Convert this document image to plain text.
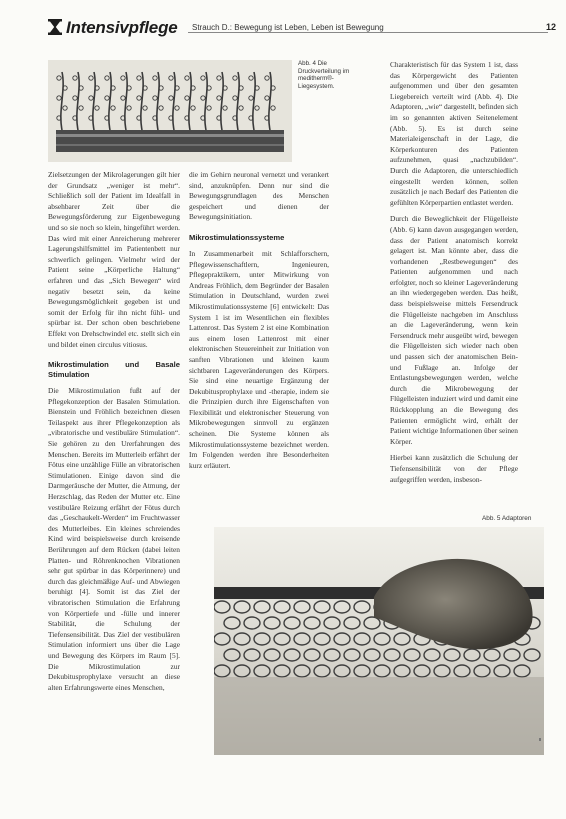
Intensivpflege Strauch D.: Bewegung ist Leben, Leben ist Bewegung	12
Abb. 4 Die Druckverteilung im meditherm®-Liegesystem.

Zielsetzungen der Mikrolagerungen gilt hier der Grundsatz „weniger ist mehr“. Schließlich soll der Patient im Idealfall in absehbarer Zeit über die Bewegungsförderung zur Eigenbewegung und so sie noch so klein, hingeführt werden. Das wird mit einer Anreicherung mehrerer Lagerungshilfsmittel im Patientenbett nur schwerlich gelingen. Vielmehr wird der Patient seine „Körperliche Haltung“ erfahren und das „Sich Bewegen“ wird negativ besetzt sein, da keine Bewegungsmöglichkeit gegeben ist und somit der Erfolg für ihn nicht fühl- und spürbar ist. Der schon oben beschriebene Effekt von Drehschwindel etc. stellt sich ein und bildet einen circulus vitiosus.

Mikrostimulation und Basale Stimulation

Die Mikrostimulation fußt auf der Pflegekonzeption der Basalen Stimulation. Bienstein und Fröhlich bezeichnen diesen Teilaspekt aus ihrer Pflegekonzeption als „vibratorische und vestibuläre Stimulation“. Sie gehören zu den Urerfahrungen des Menschen. Bereits im Mutterleib erfährt der Fötus eine unzählige Fülle an vibratorischen Stimulationen. Einige davon sind die Darmgeräusche der Mutter, die Atmung, der Herzschlag, das Reden der Mutter etc. Eine vestibuläre Reizung erfährt der Fötus durch das „Geschaukelt-Werden“ im Fruchtwasser des Mutterleibes. Ein kleines schreiendes Kind wird beispielsweise durch kreisende Berührungen auf dem Rücken (dabei leiten Platten- und Röhrenknochen Vibrationen sehr gut spürbar in das Körperinnere) und durch das gleichmäßige Auf- und Abwiegen beruhigt [4]. Somit ist das Ziel der vibratorischen Stimulation die Erfahrung von Körpertiefe und -fülle und innerer Stabilität, die Schulung der Tiefensensibilität. Das Ziel der vestibulären Stimulation informiert uns über die Lage und Bewegung des Körpers im Raum [5]. Die Mikrostimulation zur Dekubitusprophylaxe versucht an diese alten Erfahrungswerte eines Menschen,

die im Gehirn neuronal vernetzt und verankert sind, anzuknüpfen. Denn nur sind die Bewegungsgrundlagen des Menschen gespeichert und dienen der Bewegungsinitiation.

Mikrostimulationssysteme

In Zusammenarbeit mit Schlafforschern, Pflegewissenschaftlern, Ingenieuren, Pflegepraktikern, unter Mitwirkung von Andreas Fröhlich, dem Begründer der Basalen Stimulation in Deutschland, wurden zwei Mikrostimulationssysteme [6] entwickelt: Das System 1 ist im Wesentlichen ein flexibles Lattenrost. Das System 2 ist eine Kombination aus einem losen Lattenrost mit einer elektronischen Steuereinheit zur Initiation von sanften Vibrationen und kleinen kaum sichtbaren Lageveränderungen des Körpers. Sie sind eine neuartige Ergänzung der Dekubitusprophylaxe und -therapie, indem sie die Prinzipien durch ihre Eigenschaften von Flexibilität und elektronischer Steuerung von Mikrobewegungen sinnvoll zu ergänzen scheinen. Die Systeme können als Mikrostimulationssysteme bezeichnet werden. Im Folgenden werden ihre Besonderheiten kurz erläutert.

Charakteristisch für das System 1 ist, dass das Körpergewicht des Patienten aufgenommen und über den gesamten Liegebereich verteilt wird (Abb. 4). Die Adaptoren, „wie“ dargestellt, befinden sich im so genannten aktiven Seitenelement (Abb. 5). Es ist durch seine Materialeigenschaft in der Lage, die Körperkonturen des Patienten aufzunehmen, quasi „nachzubilden“. Durch die Adaptoren, die unterschiedlich eingestellt werden können, sollen zusätzlich je nach Bedarf des Patienten die gefühlten Körperpartien entlastet werden.

Durch die Beweglichkeit der Flügelleiste (Abb. 6) kann davon ausgegangen werden, dass der Patient anatomisch korrekt gelagert ist. Man könnte aber, dass die vorhandenen „Restbewegungen“ des Patienten aufgenommen und nach erfolgter, noch so kleiner Lageveränderung an ihn wiedergegeben werden. Das heißt, dass beispielsweise mittels Fersendruck die Flügelleiste nachgeben im Anschluss an die Lageveränderung, wenn kein Fersendruck mehr ausgeübt wird, bewegen die Flügelleisten sich wieder nach oben und passen sich der anatomischen Bein- und Fußlage an. Infolge der Entlastungsbewegungen werden, welche durch die Mikrobewegung der Flügelleisten induziert wird und damit eine Rückkopplung an die Bewegung des Patienten ermöglicht wird, erhält der Patient wichtige Informationen über seinen Körper.

Hierbei kann zusätzlich die Schulung der Tiefensensibilität von der Pflege aufgegriffen werden, insbeson-

Abb. 5 Adaptoren
